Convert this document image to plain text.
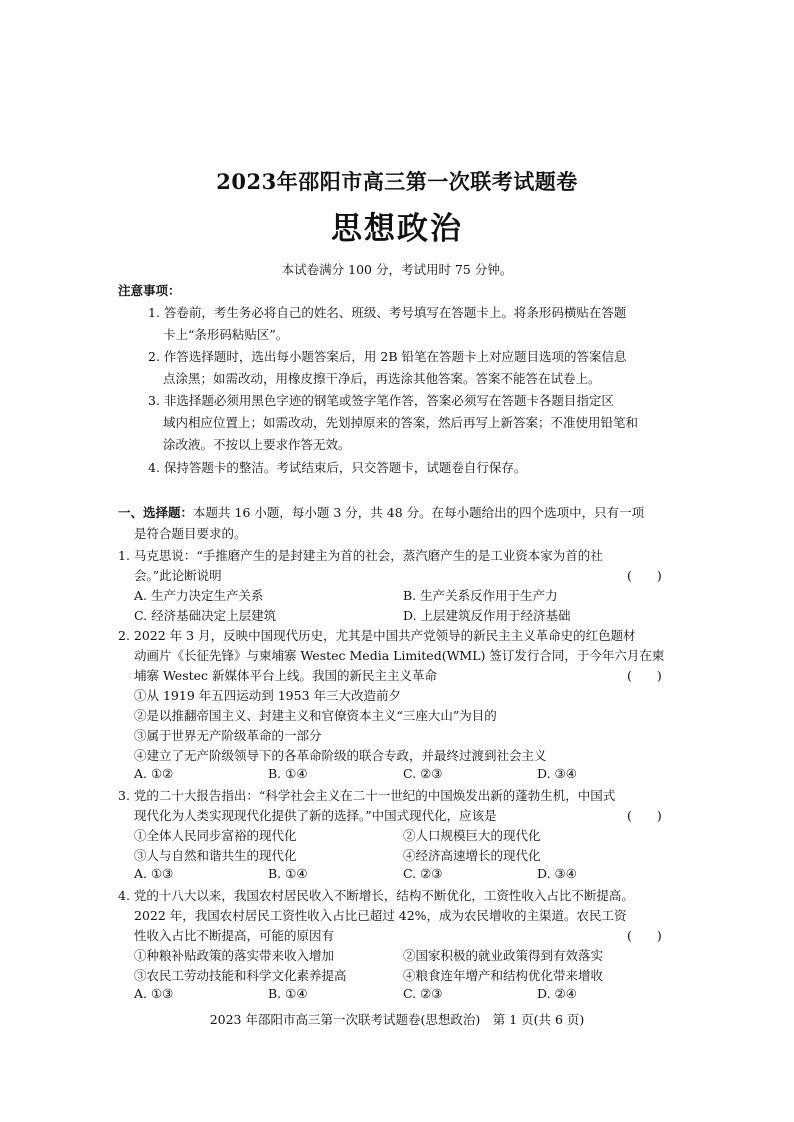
2023年邵阳市高三第一次联考试题卷
思想政治
本试卷满分 100 分，考试用时 75 分钟。
注意事项：
1. 答卷前，考生务必将自己的姓名、班级、考号填写在答题卡上。将条形码横贴在答题
卡上“条形码粘贴区”。
2. 作答选择题时，选出每小题答案后，用 2B 铅笔在答题卡上对应题目选项的答案信息
点涂黑；如需改动，用橡皮擦干净后，再选涂其他答案。答案不能答在试卷上。
3. 非选择题必须用黑色字迹的钢笔或签字笔作答，答案必须写在答题卡各题目指定区
域内相应位置上；如需改动，先划掉原来的答案，然后再写上新答案；不准使用铅笔和
涂改液。不按以上要求作答无效。
4. 保持答题卡的整洁。考试结束后，只交答题卡，试题卷自行保存。
一、选择题：本题共 16 小题，每小题 3 分，共 48 分。在每小题给出的四个选项中，只有一项
是符合题目要求的。
1. 马克思说：“手推磨产生的是封建主为首的社会，蒸汽磨产生的是工业资本家为首的社
会。”此论断说明	(　　)
A. 生产力决定生产关系	B. 生产关系反作用于生产力
C. 经济基础决定上层建筑	D. 上层建筑反作用于经济基础
2. 2022 年 3 月，反映中国现代历史，尤其是中国共产党领导的新民主主义革命史的红色题材
动画片《长征先锋》与柬埔寨 Westec Media Limited(WML) 签订发行合同，于今年六月在柬
埔寨 Westec 新媒体平台上线。我国的新民主主义革命	(　　)
①从 1919 年五四运动到 1953 年三大改造前夕
②是以推翻帝国主义、封建主义和官僚资本主义“三座大山”为目的
③属于世界无产阶级革命的一部分
④建立了无产阶级领导下的各革命阶级的联合专政，并最终过渡到社会主义
A. ①②	B. ①④	C. ②③	D. ③④
3. 党的二十大报告指出：“科学社会主义在二十一世纪的中国焕发出新的蓬勃生机，中国式
现代化为人类实现现代化提供了新的选择。”中国式现代化，应该是	(　　)
①全体人民同步富裕的现代化	②人口规模巨大的现代化
③人与自然和谐共生的现代化	④经济高速增长的现代化
A. ①③	B. ①④	C. ②③	D. ③④
4. 党的十八大以来，我国农村居民收入不断增长，结构不断优化，工资性收入占比不断提高。
2022 年，我国农村居民工资性收入占比已超过 42%，成为农民增收的主渠道。农民工资
性收入占比不断提高，可能的原因有	(　　)
①种粮补贴政策的落实带来收入增加	②国家积极的就业政策得到有效落实
2023 年邵阳市高三第一次联考试题卷(思想政治)　第 1 页(共 6 页)
③农民工劳动技能和科学文化素养提高	④粮食连年增产和结构优化带来增收
A. ①③	B. ①④	C. ②③	D. ②④
